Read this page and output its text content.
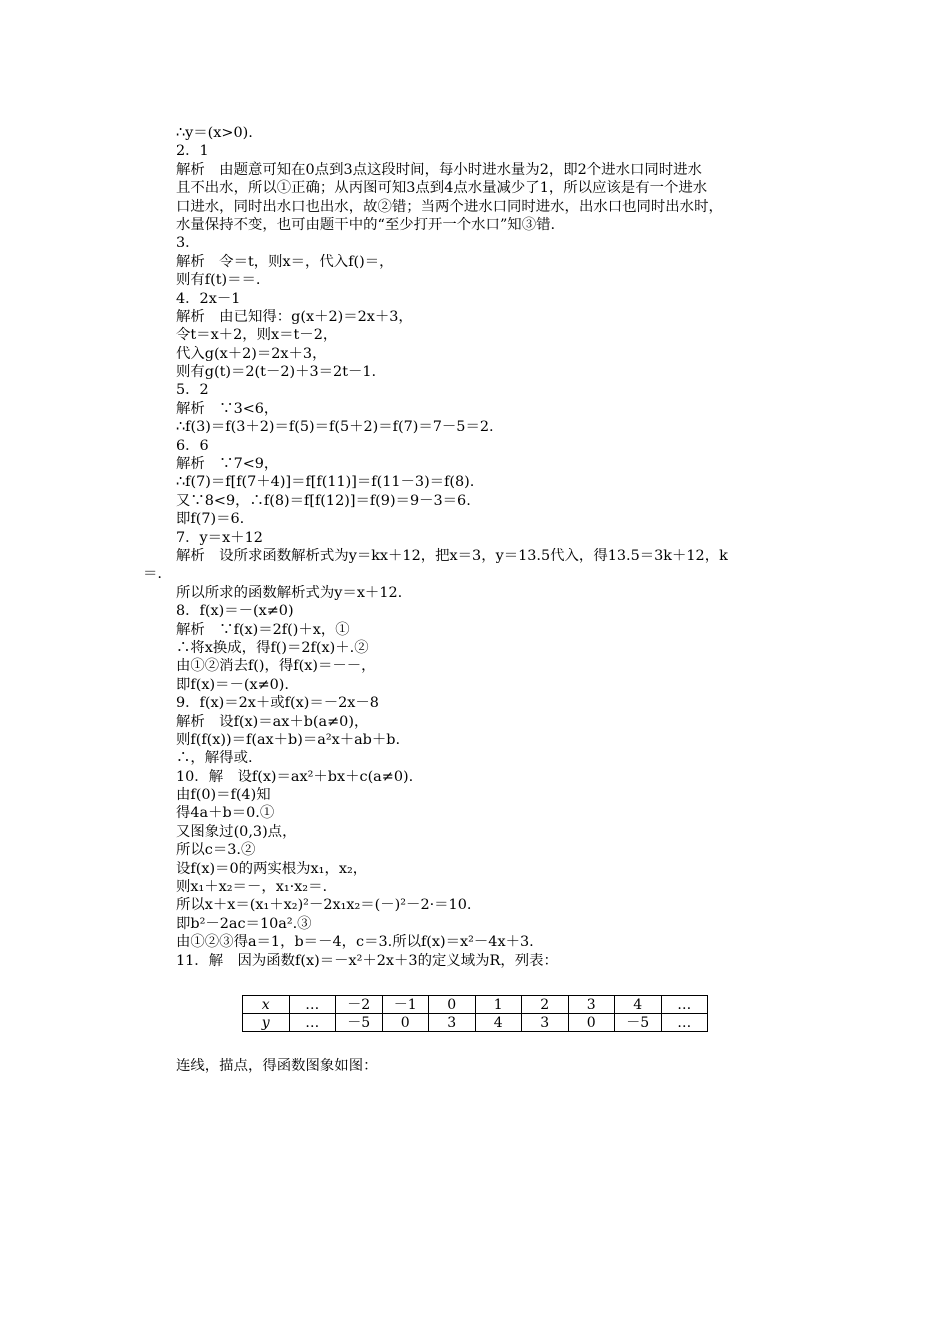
∴y＝(x>0).
2．1
解析　由题意可知在0点到3点这段时间，每小时进水量为2，即2个进水口同时进水
且不出水，所以①正确；从丙图可知3点到4点水量减少了1，所以应该是有一个进水
口进水，同时出水口也出水，故②错；当两个进水口同时进水，出水口也同时出水时，
水量保持不变，也可由题干中的“至少打开一个水口”知③错.
3．
解析　令＝t，则x＝，代入f()＝，
则有f(t)＝＝.
4．2x－1
解析　由已知得：g(x＋2)＝2x＋3，
令t＝x＋2，则x＝t－2，
代入g(x＋2)＝2x＋3，
则有g(t)＝2(t－2)＋3＝2t－1.
5．2
解析　∵3<6，
∴f(3)＝f(3＋2)＝f(5)＝f(5＋2)＝f(7)＝7－5＝2.
6．6
解析　∵7<9，
∴f(7)＝f[f(7＋4)]＝f[f(11)]＝f(11－3)＝f(8).
又∵8<9，∴f(8)＝f[f(12)]＝f(9)＝9－3＝6.
即f(7)＝6.
7．y＝x＋12
解析　设所求函数解析式为y＝kx＋12，把x＝3，y＝13.5代入，得13.5＝3k＋12，k
＝.
所以所求的函数解析式为y＝x＋12.
8．f(x)＝－(x≠0)
解析　∵f(x)＝2f()＋x，①
∴将x换成，得f()＝2f(x)＋.②
由①②消去f()，得f(x)＝－－，
即f(x)＝－(x≠0).
9．f(x)＝2x＋或f(x)＝－2x－8
解析　设f(x)＝ax＋b(a≠0)，
则f(f(x))＝f(ax＋b)＝a²x＋ab＋b.
∴，解得或.
10．解　设f(x)＝ax²＋bx＋c(a≠0).
由f(0)＝f(4)知
得4a＋b＝0.①
又图象过(0,3)点，
所以c＝3.②
设f(x)＝0的两实根为x₁，x₂，
则x₁＋x₂＝－，x₁·x₂＝.
所以x＋x＝(x₁＋x₂)²－2x₁x₂＝(－)²－2·＝10.
即b²－2ac＝10a².③
由①②③得a＝1，b＝－4，c＝3.所以f(x)＝x²－4x＋3.
11．解　因为函数f(x)＝－x²＋2x＋3的定义域为R，列表：
x	…	－2	－1	0	1	2	3	4	…
y	…	－5	0	3	4	3	0	－5	…
连线，描点，得函数图象如图：
